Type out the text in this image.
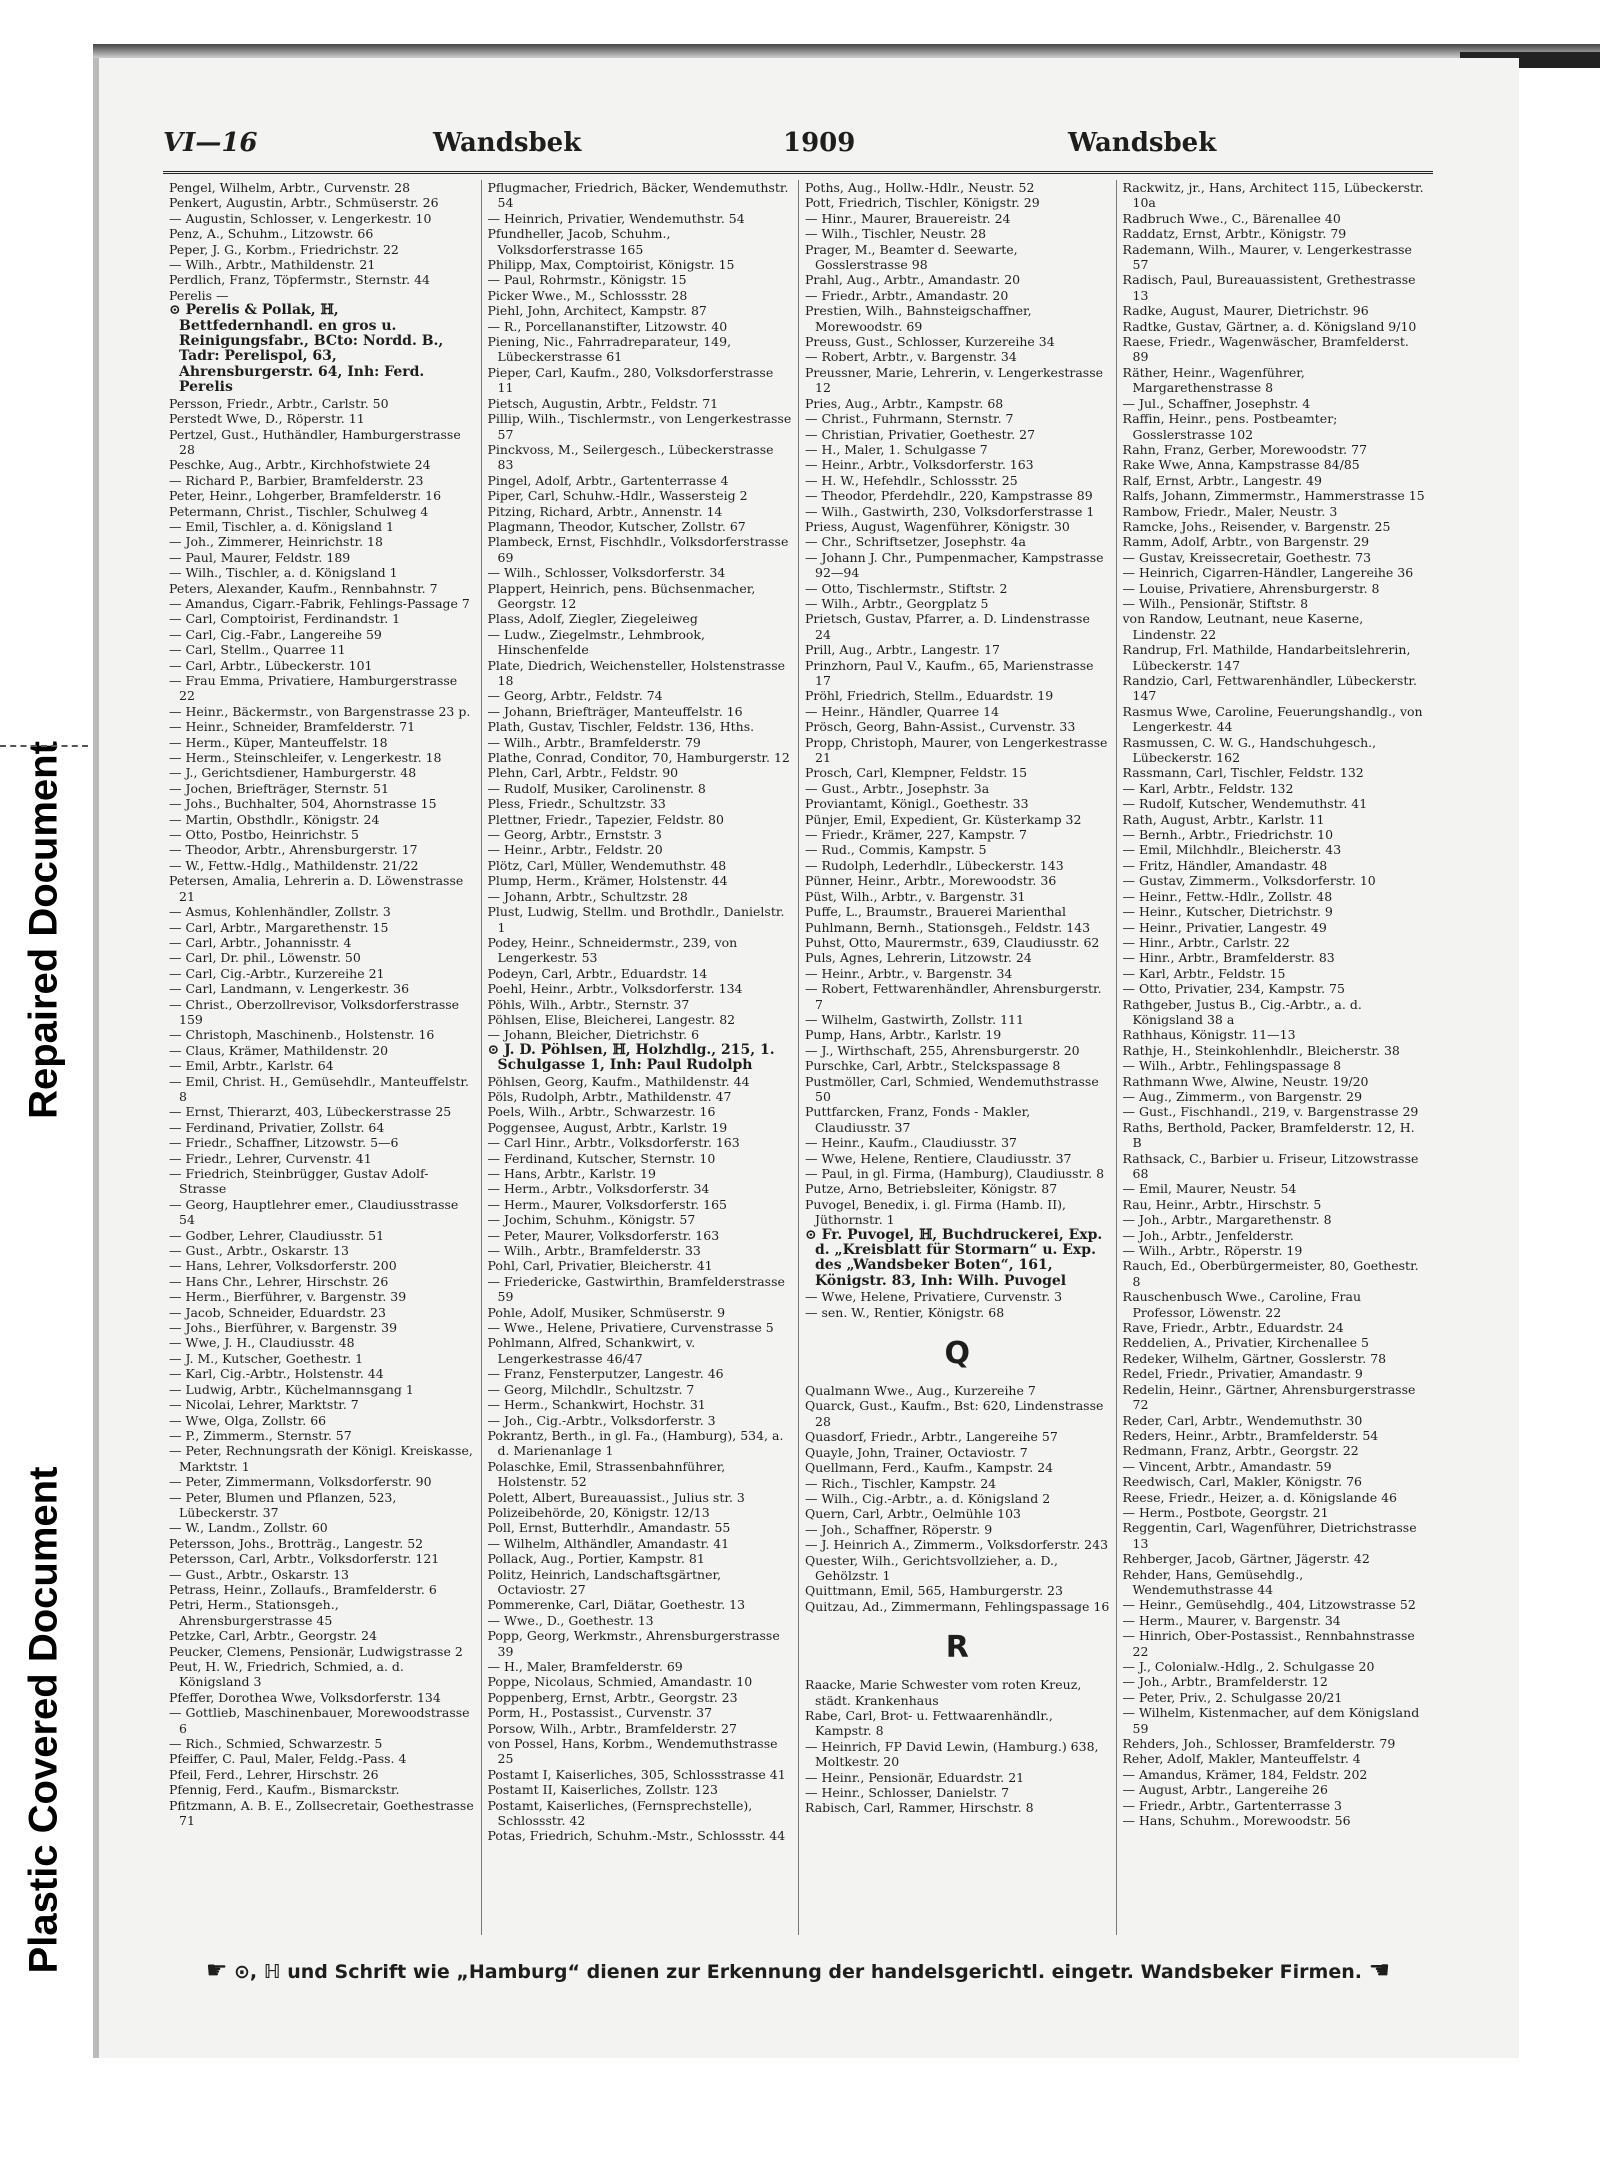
Repaired Document
Plastic Covered Document
VI—16	Wandsbek	1909	Wandsbek

Pengel, Wilhelm, Arbtr., Curvenstr. 28

Penkert, Augustin, Arbtr., Schmüserstr. 26

— Augustin, Schlosser, v. Lengerkestr. 10

Penz, A., Schuhm., Litzowstr. 66

Peper, J. G., Korbm., Friedrichstr. 22

— Wilh., Arbtr., Mathildenstr. 21

Perdlich, Franz, Töpfermstr., Sternstr. 44

Perelis —

⊙ Perelis & Pollak, ℍ, Bettfedernhandl. en gros u. Reinigungsfabr., BCto: Nordd. B., Tadr: Perelispol, 63, Ahrensburgerstr. 64, Inh: Ferd. Perelis

Persson, Friedr., Arbtr., Carlstr. 50

Perstedt Wwe, D., Röperstr. 11

Pertzel, Gust., Huthändler, Hamburgerstrasse 28

Peschke, Aug., Arbtr., Kirchhofstwiete 24

— Richard P., Barbier, Bramfelderstr. 23

Peter, Heinr., Lohgerber, Bramfelderstr. 16

Petermann, Christ., Tischler, Schulweg 4

— Emil, Tischler, a. d. Königsland 1

— Joh., Zimmerer, Heinrichstr. 18

— Paul, Maurer, Feldstr. 189

— Wilh., Tischler, a. d. Königsland 1

Peters, Alexander, Kaufm., Rennbahnstr. 7

— Amandus, Cigarr.-Fabrik, Fehlings-Passage 7

— Carl, Comptoirist, Ferdinandstr. 1

— Carl, Cig.-Fabr., Langereihe 59

— Carl, Stellm., Quarree 11

— Carl, Arbtr., Lübeckerstr. 101

— Frau Emma, Privatiere, Hamburgerstrasse 22

— Heinr., Bäckermstr., von Bargenstrasse 23 p.

— Heinr., Schneider, Bramfelderstr. 71

— Herm., Küper, Manteuffelstr. 18

— Herm., Steinschleifer, v. Lengerkestr. 18

— J., Gerichtsdiener, Hamburgerstr. 48

— Jochen, Briefträger, Sternstr. 51

— Johs., Buchhalter, 504, Ahornstrasse 15

— Martin, Obsthdlr., Königstr. 24

— Otto, Postbo, Heinrichstr. 5

— Theodor, Arbtr., Ahrensburgerstr. 17

— W., Fettw.-Hdlg., Mathildenstr. 21/22

Petersen, Amalia, Lehrerin a. D. Löwenstrasse 21

— Asmus, Kohlenhändler, Zollstr. 3

— Carl, Arbtr., Margarethenstr. 15

— Carl, Arbtr., Johannisstr. 4

— Carl, Dr. phil., Löwenstr. 50

— Carl, Cig.-Arbtr., Kurzereihe 21

— Carl, Landmann, v. Lengerkestr. 36

— Christ., Oberzollrevisor, Volksdorferstrasse 159

— Christoph, Maschinenb., Holstenstr. 16

— Claus, Krämer, Mathildenstr. 20

— Emil, Arbtr., Karlstr. 64

— Emil, Christ. H., Gemüsehdlr., Manteuffelstr. 8

— Ernst, Thierarzt, 403, Lübeckerstrasse 25

— Ferdinand, Privatier, Zollstr. 64

— Friedr., Schaffner, Litzowstr. 5—6

— Friedr., Lehrer, Curvenstr. 41

— Friedrich, Steinbrügger, Gustav Adolf-Strasse

— Georg, Hauptlehrer emer., Claudiusstrasse 54

— Godber, Lehrer, Claudiusstr. 51

— Gust., Arbtr., Oskarstr. 13

— Hans, Lehrer, Volksdorferstr. 200

— Hans Chr., Lehrer, Hirschstr. 26

— Herm., Bierführer, v. Bargenstr. 39

— Jacob, Schneider, Eduardstr. 23

— Johs., Bierführer, v. Bargenstr. 39

— Wwe, J. H., Claudiusstr. 48

— J. M., Kutscher, Goethestr. 1

— Karl, Cig.-Arbtr., Holstenstr. 44

— Ludwig, Arbtr., Küchelmannsgang 1

— Nicolai, Lehrer, Marktstr. 7

— Wwe, Olga, Zollstr. 66

— P., Zimmerm., Sternstr. 57

— Peter, Rechnungsrath der Königl. Kreiskasse, Marktstr. 1

— Peter, Zimmermann, Volksdorferstr. 90

— Peter, Blumen und Pflanzen, 523, Lübeckerstr. 37

— W., Landm., Zollstr. 60

Petersson, Johs., Brotträg., Langestr. 52

Petersson, Carl, Arbtr., Volksdorferstr. 121

— Gust., Arbtr., Oskarstr. 13

Petrass, Heinr., Zollaufs., Bramfelderstr. 6

Petri, Herm., Stationsgeh., Ahrensburgerstrasse 45

Petzke, Carl, Arbtr., Georgstr. 24

Peucker, Clemens, Pensionär, Ludwigstrasse 2

Peut, H. W., Friedrich, Schmied, a. d. Königsland 3

Pfeffer, Dorothea Wwe, Volksdorferstr. 134

— Gottlieb, Maschinenbauer, Morewoodstrasse 6

— Rich., Schmied, Schwarzestr. 5

Pfeiffer, C. Paul, Maler, Feldg.-Pass. 4

Pfeil, Ferd., Lehrer, Hirschstr. 26

Pfennig, Ferd., Kaufm., Bismarckstr.

Pfitzmann, A. B. E., Zollsecretair, Goethestrasse 71

Pflugmacher, Friedrich, Bäcker, Wendemuthstr. 54

— Heinrich, Privatier, Wendemuthstr. 54

Pfundheller, Jacob, Schuhm., Volksdorferstrasse 165

Philipp, Max, Comptoirist, Königstr. 15

— Paul, Rohrmstr., Königstr. 15

Picker Wwe., M., Schlossstr. 28

Piehl, John, Architect, Kampstr. 87

— R., Porcellananstifter, Litzowstr. 40

Piening, Nic., Fahrradreparateur, 149, Lübeckerstrasse 61

Pieper, Carl, Kaufm., 280, Volksdorferstrasse 11

Pietsch, Augustin, Arbtr., Feldstr. 71

Pillip, Wilh., Tischlermstr., von Lengerkestrasse 57

Pinckvoss, M., Seilergesch., Lübeckerstrasse 83

Pingel, Adolf, Arbtr., Gartenterrasse 4

Piper, Carl, Schuhw.-Hdlr., Wassersteig 2

Pitzing, Richard, Arbtr., Annenstr. 14

Plagmann, Theodor, Kutscher, Zollstr. 67

Plambeck, Ernst, Fischhdlr., Volksdorferstrasse 69

— Wilh., Schlosser, Volksdorferstr. 34

Plappert, Heinrich, pens. Büchsenmacher, Georgstr. 12

Plass, Adolf, Ziegler, Ziegeleiweg

— Ludw., Ziegelmstr., Lehmbrook, Hinschenfelde

Plate, Diedrich, Weichensteller, Holstenstrasse 18

— Georg, Arbtr., Feldstr. 74

— Johann, Briefträger, Manteuffelstr. 16

Plath, Gustav, Tischler, Feldstr. 136, Hths.

— Wilh., Arbtr., Bramfelderstr. 79

Plathe, Conrad, Conditor, 70, Hamburgerstr. 12

Plehn, Carl, Arbtr., Feldstr. 90

— Rudolf, Musiker, Carolinenstr. 8

Pless, Friedr., Schultzstr. 33

Plettner, Friedr., Tapezier, Feldstr. 80

— Georg, Arbtr., Ernststr. 3

— Heinr., Arbtr., Feldstr. 20

Plötz, Carl, Müller, Wendemuthstr. 48

Plump, Herm., Krämer, Holstenstr. 44

— Johann, Arbtr., Schultzstr. 28

Plust, Ludwig, Stellm. und Brothdlr., Danielstr. 1

Podey, Heinr., Schneidermstr., 239, von Lengerkestr. 53

Podeyn, Carl, Arbtr., Eduardstr. 14

Poehl, Heinr., Arbtr., Volksdorferstr. 134

Pöhls, Wilh., Arbtr., Sternstr. 37

Pöhlsen, Elise, Bleicherei, Langestr. 82

— Johann, Bleicher, Dietrichstr. 6

⊙ J. D. Pöhlsen, ℍ, Holzhdlg., 215, 1. Schulgasse 1, Inh: Paul Rudolph

Pöhlsen, Georg, Kaufm., Mathildenstr. 44

Pöls, Rudolph, Arbtr., Mathildenstr. 47

Poels, Wilh., Arbtr., Schwarzestr. 16

Poggensee, August, Arbtr., Karlstr. 19

— Carl Hinr., Arbtr., Volksdorferstr. 163

— Ferdinand, Kutscher, Sternstr. 10

— Hans, Arbtr., Karlstr. 19

— Herm., Arbtr., Volksdorferstr. 34

— Herm., Maurer, Volksdorferstr. 165

— Jochim, Schuhm., Königstr. 57

— Peter, Maurer, Volksdorferstr. 163

— Wilh., Arbtr., Bramfelderstr. 33

Pohl, Carl, Privatier, Bleicherstr. 41

— Friedericke, Gastwirthin, Bramfelderstrasse 59

Pohle, Adolf, Musiker, Schmüserstr. 9

— Wwe., Helene, Privatiere, Curvenstrasse 5

Pohlmann, Alfred, Schankwirt, v. Lengerkestrasse 46/47

— Franz, Fensterputzer, Langestr. 46

— Georg, Milchdlr., Schultzstr. 7

— Herm., Schankwirt, Hochstr. 31

— Joh., Cig.-Arbtr., Volksdorferstr. 3

Pokrantz, Berth., in gl. Fa., (Hamburg), 534, a. d. Marienanlage 1

Polaschke, Emil, Strassenbahnführer, Holstenstr. 52

Polett, Albert, Bureauassist., Julius str. 3

Polizeibehörde, 20, Königstr. 12/13

Poll, Ernst, Butterhdlr., Amandastr. 55

— Wilhelm, Althändler, Amandastr. 41

Pollack, Aug., Portier, Kampstr. 81

Politz, Heinrich, Landschaftsgärtner, Octaviostr. 27

Pommerenke, Carl, Diätar, Goethestr. 13

— Wwe., D., Goethestr. 13

Popp, Georg, Werkmstr., Ahrensburgerstrasse 39

— H., Maler, Bramfelderstr. 69

Poppe, Nicolaus, Schmied, Amandastr. 10

Poppenberg, Ernst, Arbtr., Georgstr. 23

Porm, H., Postassist., Curvenstr. 37

Porsow, Wilh., Arbtr., Bramfelderstr. 27

von Possel, Hans, Korbm., Wendemuthstrasse 25

Postamt I, Kaiserliches, 305, Schlossstrasse 41

Postamt II, Kaiserliches, Zollstr. 123

Postamt, Kaiserliches, (Fernsprechstelle), Schlossstr. 42

Potas, Friedrich, Schuhm.-Mstr., Schlossstr. 44

Poths, Aug., Hollw.-Hdlr., Neustr. 52

Pott, Friedrich, Tischler, Königstr. 29

— Hinr., Maurer, Brauereistr. 24

— Wilh., Tischler, Neustr. 28

Prager, M., Beamter d. Seewarte, Gosslerstrasse 98

Prahl, Aug., Arbtr., Amandastr. 20

— Friedr., Arbtr., Amandastr. 20

Prestien, Wilh., Bahnsteigschaffner, Morewoodstr. 69

Preuss, Gust., Schlosser, Kurzereihe 34

— Robert, Arbtr., v. Bargenstr. 34

Preussner, Marie, Lehrerin, v. Lengerkestrasse 12

Pries, Aug., Arbtr., Kampstr. 68

— Christ., Fuhrmann, Sternstr. 7

— Christian, Privatier, Goethestr. 27

— H., Maler, 1. Schulgasse 7

— Heinr., Arbtr., Volksdorferstr. 163

— H. W., Hefehdlr., Schlossstr. 25

— Theodor, Pferdehdlr., 220, Kampstrasse 89

— Wilh., Gastwirth, 230, Volksdorferstrasse 1

Priess, August, Wagenführer, Königstr. 30

— Chr., Schriftsetzer, Josephstr. 4a

— Johann J. Chr., Pumpenmacher, Kampstrasse 92—94

— Otto, Tischlermstr., Stiftstr. 2

— Wilh., Arbtr., Georgplatz 5

Prietsch, Gustav, Pfarrer, a. D. Lindenstrasse 24

Prill, Aug., Arbtr., Langestr. 17

Prinzhorn, Paul V., Kaufm., 65, Marienstrasse 17

Pröhl, Friedrich, Stellm., Eduardstr. 19

— Heinr., Händler, Quarree 14

Prösch, Georg, Bahn-Assist., Curvenstr. 33

Propp, Christoph, Maurer, von Lengerkestrasse 21

Prosch, Carl, Klempner, Feldstr. 15

— Gust., Arbtr., Josephstr. 3a

Proviantamt, Königl., Goethestr. 33

Pünjer, Emil, Expedient, Gr. Küsterkamp 32

— Friedr., Krämer, 227, Kampstr. 7

— Rud., Commis, Kampstr. 5

— Rudolph, Lederhdlr., Lübeckerstr. 143

Pünner, Heinr., Arbtr., Morewoodstr. 36

Püst, Wilh., Arbtr., v. Bargenstr. 31

Puffe, L., Braumstr., Brauerei Marienthal

Puhlmann, Bernh., Stationsgeh., Feldstr. 143

Puhst, Otto, Maurermstr., 639, Claudiusstr. 62

Puls, Agnes, Lehrerin, Litzowstr. 24

— Heinr., Arbtr., v. Bargenstr. 34

— Robert, Fettwarenhändler, Ahrensburgerstr. 7

— Wilhelm, Gastwirth, Zollstr. 111

Pump, Hans, Arbtr., Karlstr. 19

— J., Wirthschaft, 255, Ahrensburgerstr. 20

Purschke, Carl, Arbtr., Stelckspassage 8

Pustmöller, Carl, Schmied, Wendemuthstrasse 50

Puttfarcken, Franz, Fonds - Makler, Claudiusstr. 37

— Heinr., Kaufm., Claudiusstr. 37

— Wwe, Helene, Rentiere, Claudiusstr. 37

— Paul, in gl. Firma, (Hamburg), Claudiusstr. 8

Putze, Arno, Betriebsleiter, Königstr. 87

Puvogel, Benedix, i. gl. Firma (Hamb. II), Jüthornstr. 1

⊙ Fr. Puvogel, ℍ, Buchdruckerei, Exp. d. „Kreisblatt für Stormarn“ u. Exp. des „Wandsbeker Boten“, 161, Königstr. 83, Inh: Wilh. Puvogel

— Wwe, Helene, Privatiere, Curvenstr. 3

— sen. W., Rentier, Königstr. 68

Q

Qualmann Wwe., Aug., Kurzereihe 7

Quarck, Gust., Kaufm., Bst: 620, Lindenstrasse 28

Quasdorf, Friedr., Arbtr., Langereihe 57

Quayle, John, Trainer, Octaviostr. 7

Quellmann, Ferd., Kaufm., Kampstr. 24

— Rich., Tischler, Kampstr. 24

— Wilh., Cig.-Arbtr., a. d. Königsland 2

Quern, Carl, Arbtr., Oelmühle 103

— Joh., Schaffner, Röperstr. 9

— J. Heinrich A., Zimmerm., Volksdorferstr. 243

Quester, Wilh., Gerichtsvollzieher, a. D., Gehölzstr. 1

Quittmann, Emil, 565, Hamburgerstr. 23

Quitzau, Ad., Zimmermann, Fehlingspassage 16

R

Raacke, Marie Schwester vom roten Kreuz, städt. Krankenhaus

Rabe, Carl, Brot- u. Fettwaarenhändlr., Kampstr. 8

— Heinrich, FP David Lewin, (Hamburg.) 638, Moltkestr. 20

— Heinr., Pensionär, Eduardstr. 21

— Heinr., Schlosser, Danielstr. 7

Rabisch, Carl, Rammer, Hirschstr. 8

Rackwitz, jr., Hans, Architect 115, Lübeckerstr. 10a

Radbruch Wwe., C., Bärenallee 40

Raddatz, Ernst, Arbtr., Königstr. 79

Rademann, Wilh., Maurer, v. Lengerkestrasse 57

Radisch, Paul, Bureauassistent, Grethestrasse 13

Radke, August, Maurer, Dietrichstr. 96

Radtke, Gustav, Gärtner, a. d. Königsland 9/10

Raese, Friedr., Wagenwäscher, Bramfelderst. 89

Räther, Heinr., Wagenführer, Margarethenstrasse 8

— Jul., Schaffner, Josephstr. 4

Raffin, Heinr., pens. Postbeamter; Gosslerstrasse 102

Rahn, Franz, Gerber, Morewoodstr. 77

Rake Wwe, Anna, Kampstrasse 84/85

Ralf, Ernst, Arbtr., Langestr. 49

Ralfs, Johann, Zimmermstr., Hammerstrasse 15

Rambow, Friedr., Maler, Neustr. 3

Ramcke, Johs., Reisender, v. Bargenstr. 25

Ramm, Adolf, Arbtr., von Bargenstr. 29

— Gustav, Kreissecretair, Goethestr. 73

— Heinrich, Cigarren-Händler, Langereihe 36

— Louise, Privatiere, Ahrensburgerstr. 8

— Wilh., Pensionär, Stiftstr. 8

von Randow, Leutnant, neue Kaserne, Lindenstr. 22

Randrup, Frl. Mathilde, Handarbeitslehrerin, Lübeckerstr. 147

Randzio, Carl, Fettwarenhändler, Lübeckerstr. 147

Rasmus Wwe, Caroline, Feuerungshandlg., von Lengerkestr. 44

Rasmussen, C. W. G., Handschuhgesch., Lübeckerstr. 162

Rassmann, Carl, Tischler, Feldstr. 132

— Karl, Arbtr., Feldstr. 132

— Rudolf, Kutscher, Wendemuthstr. 41

Rath, August, Arbtr., Karlstr. 11

— Bernh., Arbtr., Friedrichstr. 10

— Emil, Milchhdlr., Bleicherstr. 43

— Fritz, Händler, Amandastr. 48

— Gustav, Zimmerm., Volksdorferstr. 10

— Heinr., Fettw.-Hdlr., Zollstr. 48

— Heinr., Kutscher, Dietrichstr. 9

— Heinr., Privatier, Langestr. 49

— Hinr., Arbtr., Carlstr. 22

— Hinr., Arbtr., Bramfelderstr. 83

— Karl, Arbtr., Feldstr. 15

— Otto, Privatier, 234, Kampstr. 75

Rathgeber, Justus B., Cig.-Arbtr., a. d. Königsland 38 a

Rathhaus, Königstr. 11—13

Rathje, H., Steinkohlenhdlr., Bleicherstr. 38

— Wilh., Arbtr., Fehlingspassage 8

Rathmann Wwe, Alwine, Neustr. 19/20

— Aug., Zimmerm., von Bargenstr. 29

— Gust., Fischhandl., 219, v. Bargenstrasse 29

Raths, Berthold, Packer, Bramfelderstr. 12, H. B

Rathsack, C., Barbier u. Friseur, Litzowstrasse 68

— Emil, Maurer, Neustr. 54

Rau, Heinr., Arbtr., Hirschstr. 5

— Joh., Arbtr., Margarethenstr. 8

— Joh., Arbtr., Jenfelderstr.

— Wilh., Arbtr., Röperstr. 19

Rauch, Ed., Oberbürgermeister, 80, Goethestr. 8

Rauschenbusch Wwe., Caroline, Frau Professor, Löwenstr. 22

Rave, Friedr., Arbtr., Eduardstr. 24

Reddelien, A., Privatier, Kirchenallee 5

Redeker, Wilhelm, Gärtner, Gosslerstr. 78

Redel, Friedr., Privatier, Amandastr. 9

Redelin, Heinr., Gärtner, Ahrensburgerstrasse 72

Reder, Carl, Arbtr., Wendemuthstr. 30

Reders, Heinr., Arbtr., Bramfelderstr. 54

Redmann, Franz, Arbtr., Georgstr. 22

— Vincent, Arbtr., Amandastr. 59

Reedwisch, Carl, Makler, Königstr. 76

Reese, Friedr., Heizer, a. d. Königslande 46

— Herm., Postbote, Georgstr. 21

Reggentin, Carl, Wagenführer, Dietrichstrasse 13

Rehberger, Jacob, Gärtner, Jägerstr. 42

Rehder, Hans, Gemüsehdlg., Wendemuthstrasse 44

— Heinr., Gemüsehdlg., 404, Litzowstrasse 52

— Herm., Maurer, v. Bargenstr. 34

— Hinrich, Ober-Postassist., Rennbahnstrasse 22

— J., Colonialw.-Hdlg., 2. Schulgasse 20

— Joh., Arbtr., Bramfelderstr. 12

— Peter, Priv., 2. Schulgasse 20/21

— Wilhelm, Kistenmacher, auf dem Königsland 59

Rehders, Joh., Schlosser, Bramfelderstr. 79

Reher, Adolf, Makler, Manteuffelstr. 4

— Amandus, Krämer, 184, Feldstr. 202

— August, Arbtr., Langereihe 26

— Friedr., Arbtr., Gartenterrasse 3

— Hans, Schuhm., Morewoodstr. 56

☛ ⊙, ℍ und Schrift wie „Hamburg“ dienen zur Erkennung der handelsgerichtl. eingetr. Wandsbeker Firmen. ☚
